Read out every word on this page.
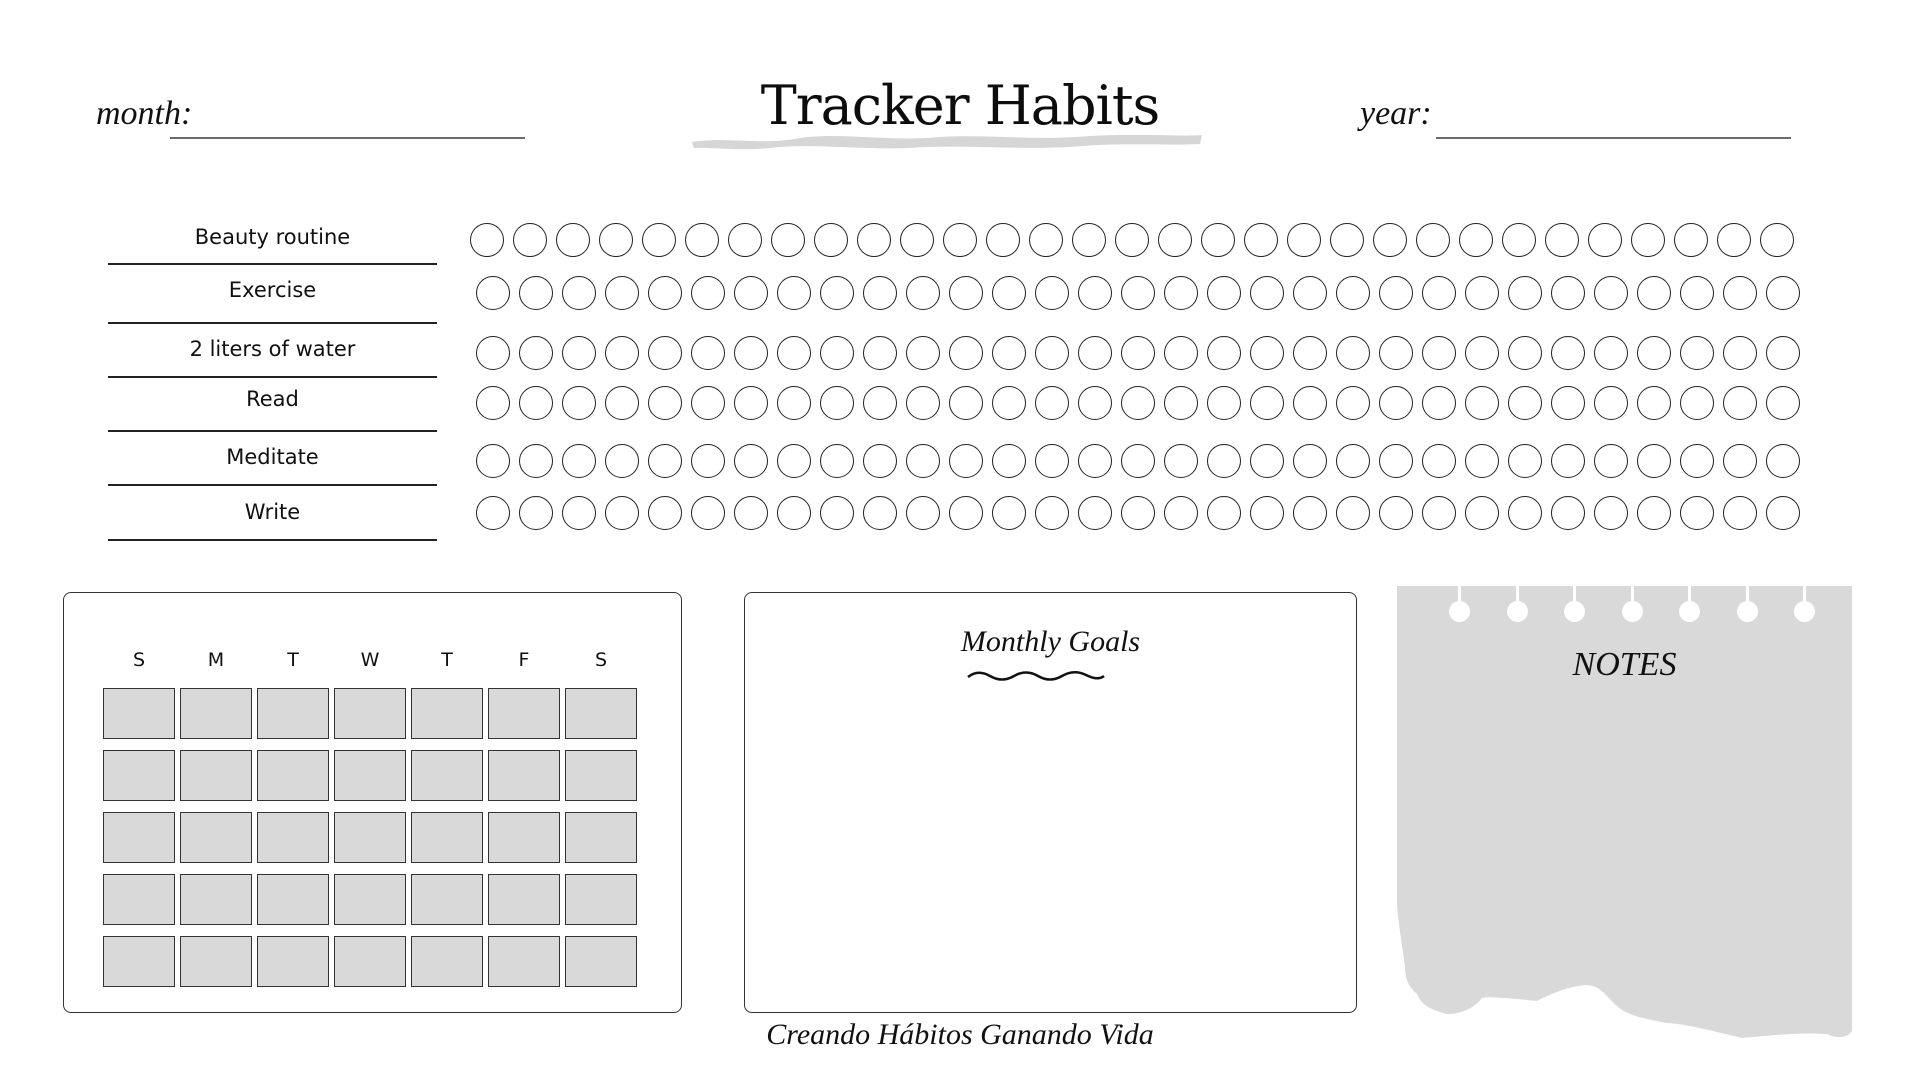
month:	Tracker Habits	year:
Beauty routine
Exercise
2 liters of water
Read
Meditate
Write
S	M	T	W	T	F	S
Monthly Goals
NOTES
Creando Hábitos Ganando Vida
